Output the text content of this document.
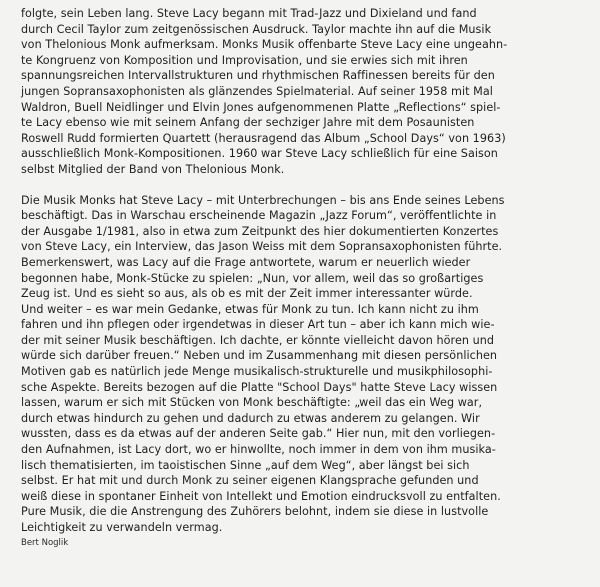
folgte, sein Leben lang. Steve Lacy begann mit Trad-Jazz und Dixieland und fand
durch Cecil Taylor zum zeitgenössischen Ausdruck. Taylor machte ihn auf die Musik
von Thelonious Monk aufmerksam. Monks Musik offenbarte Steve Lacy eine ungeahn-
te Kongruenz von Komposition und Improvisation, und sie erwies sich mit ihren
spannungsreichen Intervallstrukturen und rhythmischen Raffinessen bereits für den
jungen Sopransaxophonisten als glänzendes Spielmaterial. Auf seiner 1958 mit Mal
Waldron, Buell Neidlinger und Elvin Jones aufgenommenen Platte „Reflections“ spiel-
te Lacy ebenso wie mit seinem Anfang der sechziger Jahre mit dem Posaunisten
Roswell Rudd formierten Quartett (herausragend das Album „School Days“ von 1963)
ausschließlich Monk-Kompositionen. 1960 war Steve Lacy schließlich für eine Saison
selbst Mitglied der Band von Thelonious Monk.
Die Musik Monks hat Steve Lacy – mit Unterbrechungen – bis ans Ende seines Lebens
beschäftigt. Das in Warschau erscheinende Magazin „Jazz Forum“, veröffentlichte in
der Ausgabe 1/1981, also in etwa zum Zeitpunkt des hier dokumentierten Konzertes
von Steve Lacy, ein Interview, das Jason Weiss mit dem Sopransaxophonisten führte.
Bemerkenswert, was Lacy auf die Frage antwortete, warum er neuerlich wieder
begonnen habe, Monk-Stücke zu spielen: „Nun, vor allem, weil das so großartiges
Zeug ist. Und es sieht so aus, als ob es mit der Zeit immer interessanter würde.
Und weiter – es war mein Gedanke, etwas für Monk zu tun. Ich kann nicht zu ihm
fahren und ihn pflegen oder irgendetwas in dieser Art tun – aber ich kann mich wie-
der mit seiner Musik beschäftigen. Ich dachte, er könnte vielleicht davon hören und
würde sich darüber freuen.“ Neben und im Zusammenhang mit diesen persönlichen
Motiven gab es natürlich jede Menge musikalisch-strukturelle und musikphilosophi-
sche Aspekte. Bereits bezogen auf die Platte "School Days" hatte Steve Lacy wissen
lassen, warum er sich mit Stücken von Monk beschäftigte: „weil das ein Weg war,
durch etwas hindurch zu gehen und dadurch zu etwas anderem zu gelangen. Wir
wussten, dass es da etwas auf der anderen Seite gab.“ Hier nun, mit den vorliegen-
den Aufnahmen, ist Lacy dort, wo er hinwollte, noch immer in dem von ihm musika-
lisch thematisierten, im taoistischen Sinne „auf dem Weg“, aber längst bei sich
selbst. Er hat mit und durch Monk zu seiner eigenen Klangsprache gefunden und
weiß diese in spontaner Einheit von Intellekt und Emotion eindrucksvoll zu entfalten.
Pure Musik, die die Anstrengung des Zuhörers belohnt, indem sie diese in lustvolle
Leichtigkeit zu verwandeln vermag.
Bert Noglik
